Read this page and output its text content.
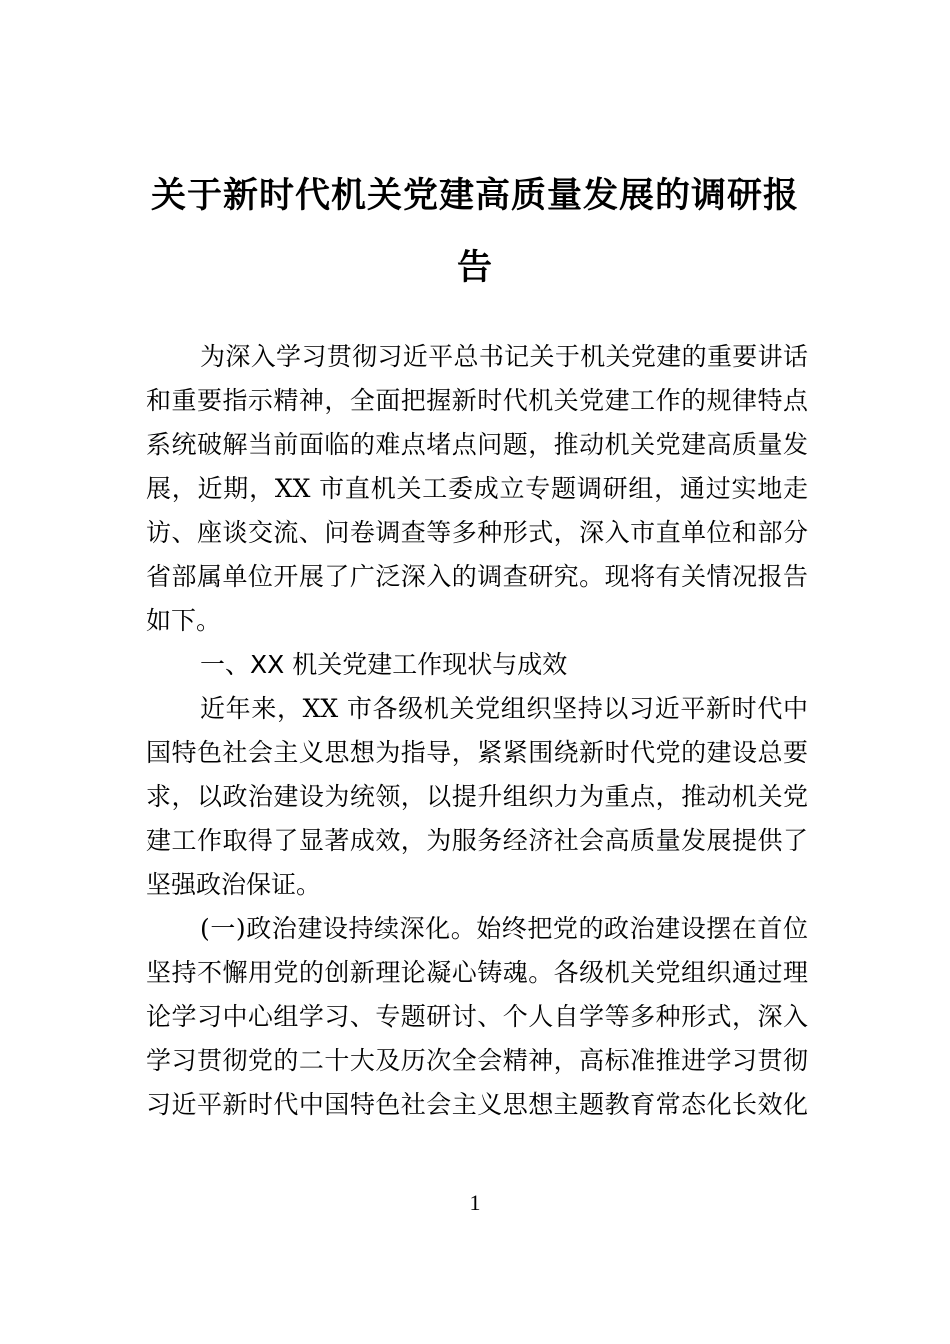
关于新时代机关党建高质量发展的调研报
告
为深入学习贯彻习近平总书记关于机关党建的重要讲话
和重要指示精神，全面把握新时代机关党建工作的规律特点
系统破解当前面临的难点堵点问题，推动机关党建高质量发
展，近期，XX 市直机关工委成立专题调研组，通过实地走
访、座谈交流、问卷调查等多种形式，深入市直单位和部分
省部属单位开展了广泛深入的调查研究。现将有关情况报告
如下。
一、XX 机关党建工作现状与成效
近年来，XX 市各级机关党组织坚持以习近平新时代中
国特色社会主义思想为指导，紧紧围绕新时代党的建设总要
求，以政治建设为统领，以提升组织力为重点，推动机关党
建工作取得了显著成效，为服务经济社会高质量发展提供了
坚强政治保证。
(一)政治建设持续深化。始终把党的政治建设摆在首位
坚持不懈用党的创新理论凝心铸魂。各级机关党组织通过理
论学习中心组学习、专题研讨、个人自学等多种形式，深入
学习贯彻党的二十大及历次全会精神，高标准推进学习贯彻
习近平新时代中国特色社会主义思想主题教育常态化长效化
1
